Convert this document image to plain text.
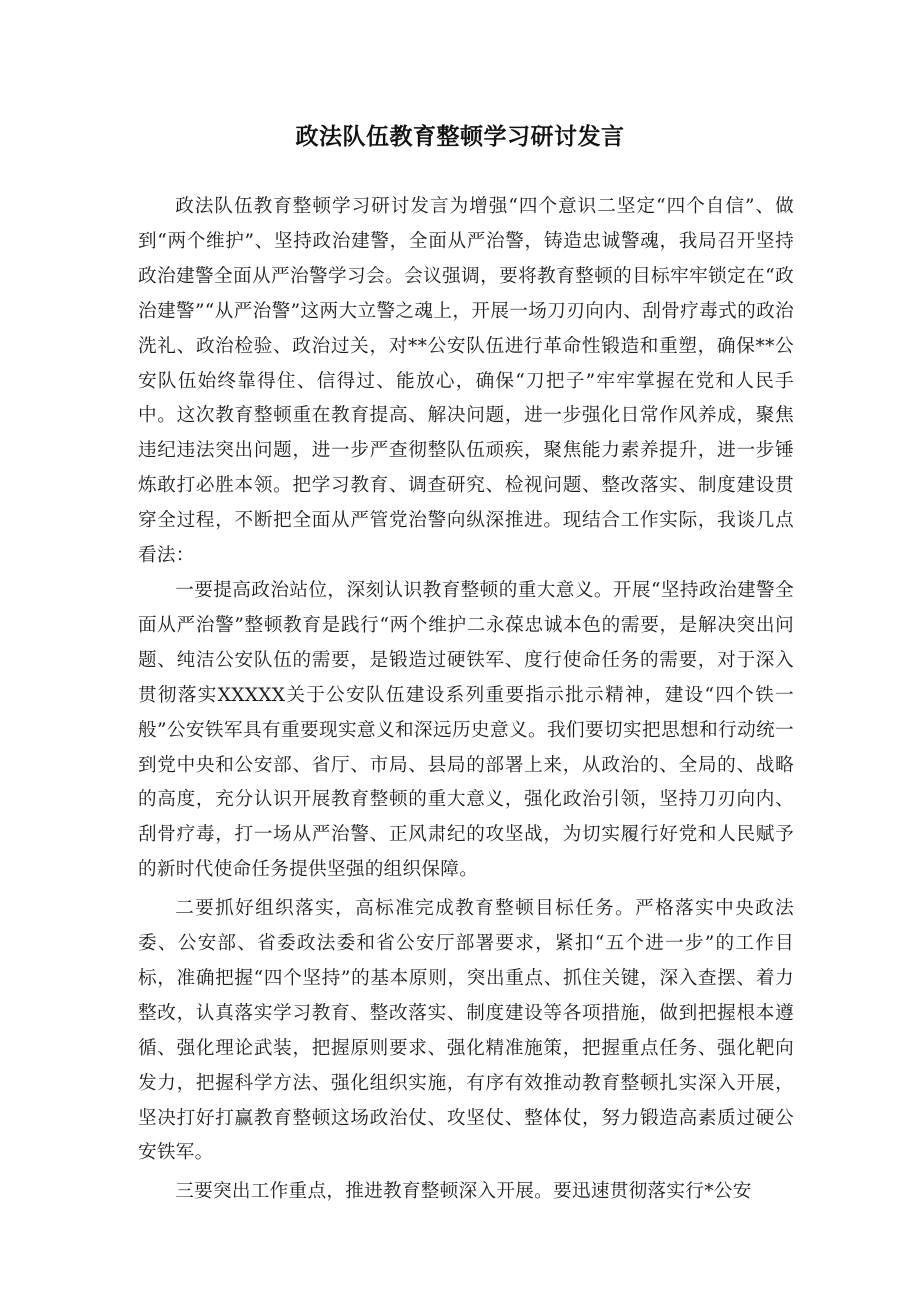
政法队伍教育整顿学习研讨发言

政法队伍教育整顿学习研讨发言为增强“四个意识二坚定“四个自信”、做到“两个维护”、坚持政治建警，全面从严治警，铸造忠诚警魂，我局召开坚持政治建警全面从严治警学习会。会议强调，要将教育整顿的目标牢牢锁定在“政治建警”“从严治警”这两大立警之魂上，开展一场刀刃向内、刮骨疗毒式的政治洗礼、政治检验、政治过关，对**公安队伍进行革命性锻造和重塑，确保**公安队伍始终靠得住、信得过、能放心，确保“刀把子”牢牢掌握在党和人民手中。这次教育整顿重在教育提高、解决问题，进一步强化日常作风养成，聚焦违纪违法突出问题，进一步严查彻整队伍顽疾，聚焦能力素养提升，进一步锤炼敢打必胜本领。把学习教育、调查研究、检视问题、整改落实、制度建设贯穿全过程，不断把全面从严管党治警向纵深推进。现结合工作实际，我谈几点看法：

一要提高政治站位，深刻认识教育整顿的重大意义。开展“坚持政治建警全面从严治警”整顿教育是践行“两个维护二永葆忠诚本色的需要，是解决突出问题、纯洁公安队伍的需要，是锻造过硬铁军、度行使命任务的需要，对于深入贯彻落实XXXXX关于公安队伍建设系列重要指示批示精神，建设“四个铁一般”公安铁军具有重要现实意义和深远历史意义。我们要切实把思想和行动统一到党中央和公安部、省厅、市局、县局的部署上来，从政治的、全局的、战略的高度，充分认识开展教育整顿的重大意义，强化政治引领，坚持刀刃向内、刮骨疗毒，打一场从严治警、正风肃纪的攻坚战，为切实履行好党和人民赋予的新时代使命任务提供坚强的组织保障。

二要抓好组织落实，高标准完成教育整顿目标任务。严格落实中央政法委、公安部、省委政法委和省公安厅部署要求，紧扣“五个进一步”的工作目标，准确把握“四个坚持”的基本原则，突出重点、抓住关键，深入查摆、着力整改，认真落实学习教育、整改落实、制度建设等各项措施，做到把握根本遵循、强化理论武装，把握原则要求、强化精准施策，把握重点任务、强化靶向发力，把握科学方法、强化组织实施，有序有效推动教育整顿扎实深入开展，坚决打好打赢教育整顿这场政治仗、攻坚仗、整体仗，努力锻造高素质过硬公安铁军。

三要突出工作重点，推进教育整顿深入开展。要迅速贯彻落实行*公安
